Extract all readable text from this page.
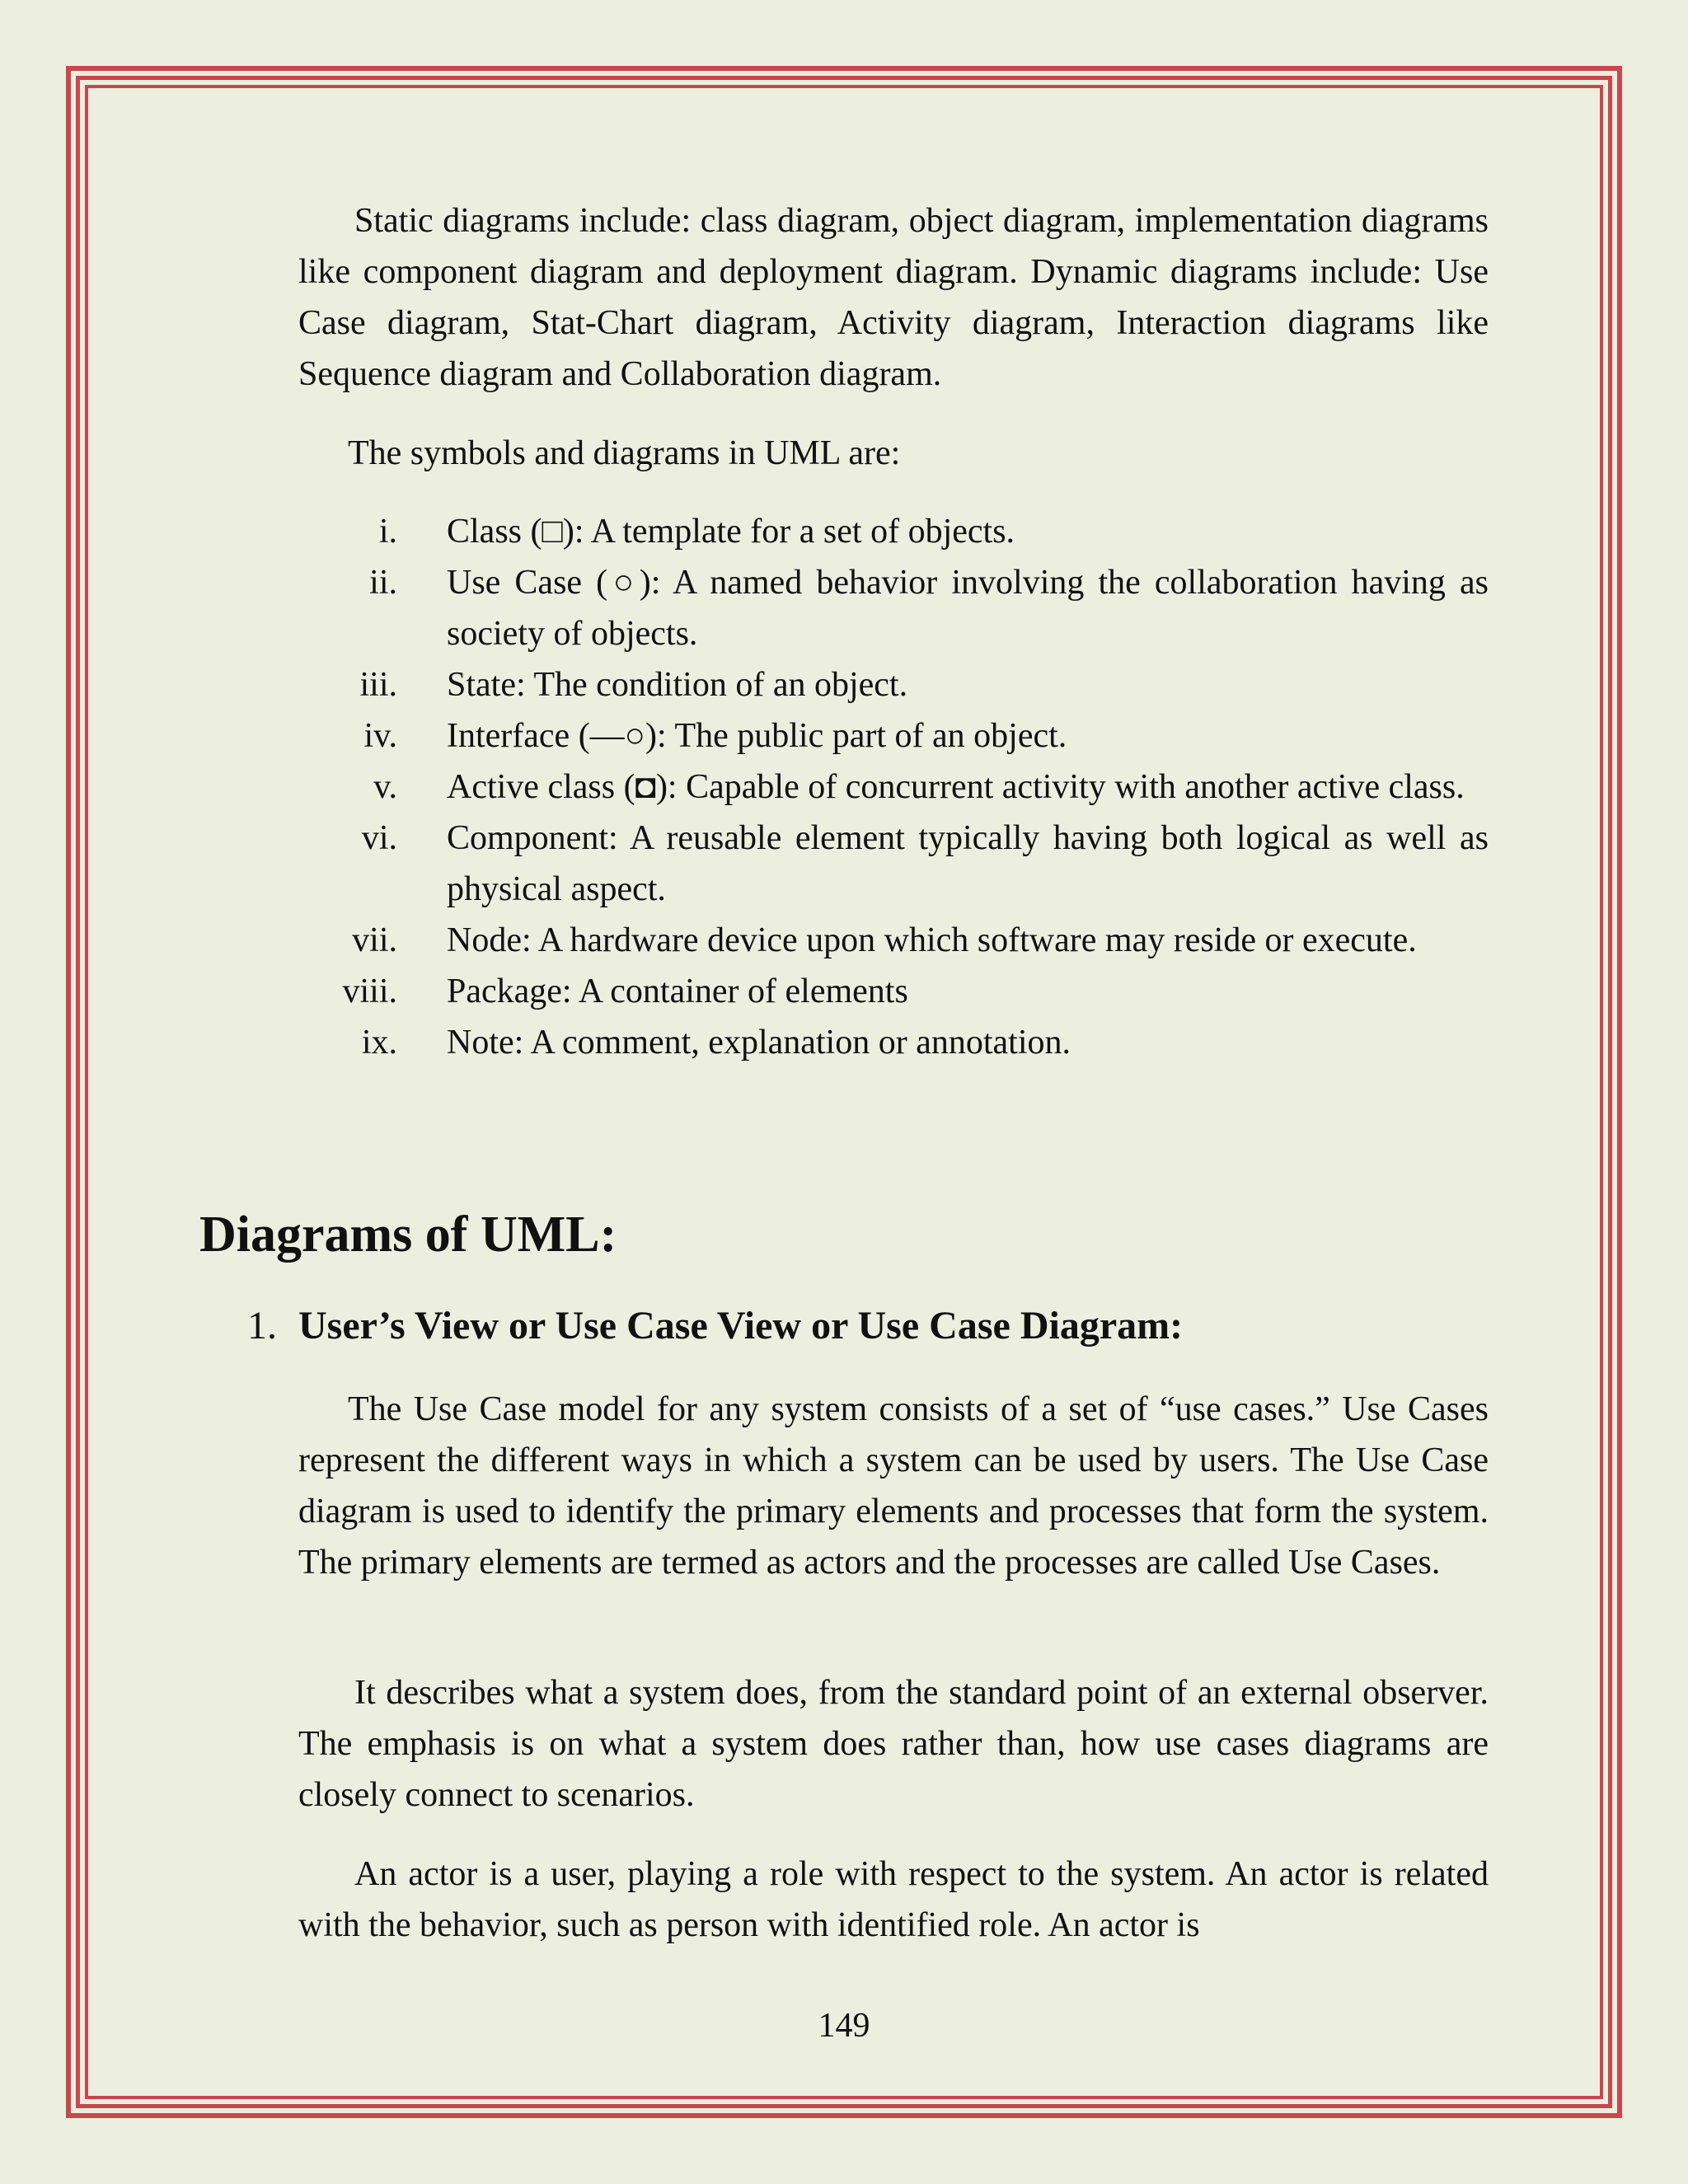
Static diagrams include: class diagram, object diagram, implementation diagrams like component diagram and deployment diagram. Dynamic diagrams include: Use Case diagram, Stat-Chart diagram, Activity diagram, Interaction diagrams like Sequence diagram and Collaboration diagram.

The symbols and diagrams in UML are:

i. Class (□): A template for a set of objects.
ii. Use Case (○): A named behavior involving the collaboration having as society of objects.
iii. State: The condition of an object.
iv. Interface (—○): The public part of an object.
v. Active class (◘): Capable of concurrent activity with another active class.
vi. Component: A reusable element typically having both logical as well as physical aspect.
vii. Node: A hardware device upon which software may reside or execute.
viii. Package: A container of elements
ix. Note: A comment, explanation or annotation.
Diagrams of UML:
1. User’s View or Use Case View or Use Case Diagram:

The Use Case model for any system consists of a set of “use cases.” Use Cases represent the different ways in which a system can be used by users. The Use Case diagram is used to identify the primary elements and processes that form the system. The primary elements are termed as actors and the processes are called Use Cases.

It describes what a system does, from the standard point of an external observer. The emphasis is on what a system does rather than, how use cases diagrams are closely connect to scenarios.

An actor is a user, playing a role with respect to the system. An actor is related with the behavior, such as person with identified role. An actor is

149
